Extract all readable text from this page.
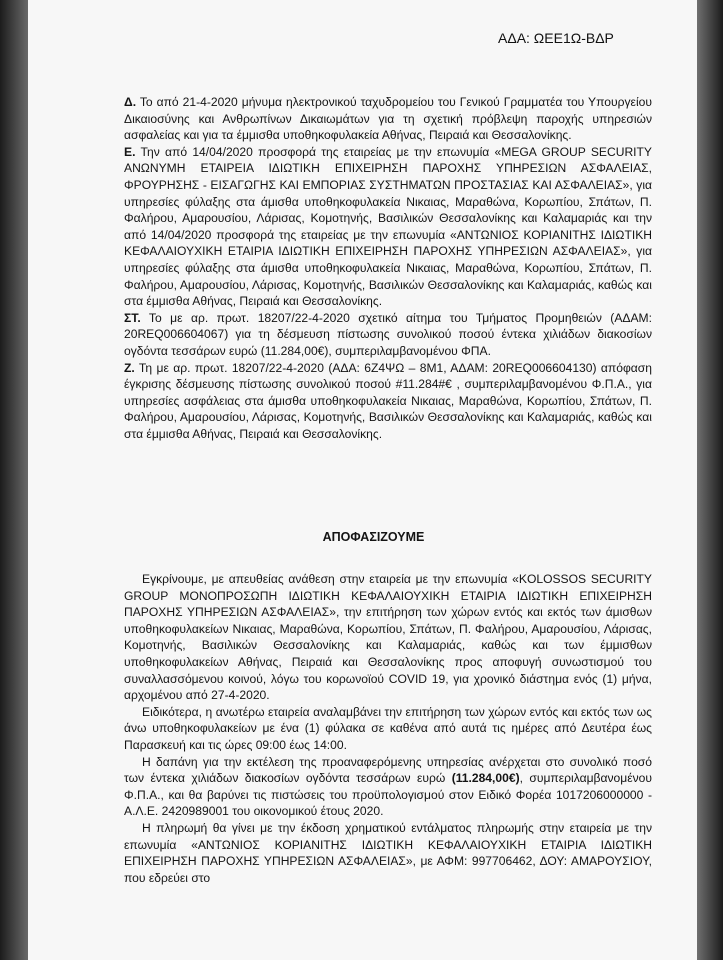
ΑΔΑ: ΩΕΕ1Ω-ΒΔΡ

Δ. Το από 21-4-2020 μήνυμα ηλεκτρονικού ταχυδρομείου του Γενικού Γραμματέα του Υπουργείου Δικαιοσύνης και Ανθρωπίνων Δικαιωμάτων για τη σχετική πρόβλεψη παροχής υπηρεσιών ασφαλείας και για τα έμμισθα υποθηκοφυλακεία Αθήνας, Πειραιά και Θεσσαλονίκης.

Ε. Την από 14/04/2020 προσφορά της εταιρείας με την επωνυμία «MEGA GROUP SECURITY ΑΝΩΝΥΜΗ ΕΤΑΙΡΕΙΑ ΙΔΙΩΤΙΚΗ ΕΠΙΧΕΙΡΗΣΗ ΠΑΡΟΧΗΣ ΥΠΗΡΕΣΙΩΝ ΑΣΦΑΛΕΙΑΣ, ΦΡΟΥΡΗΣΗΣ - ΕΙΣΑΓΩΓΗΣ ΚΑΙ ΕΜΠΟΡΙΑΣ ΣΥΣΤΗΜΑΤΩΝ ΠΡΟΣΤΑΣΙΑΣ ΚΑΙ ΑΣΦΑΛΕΙΑΣ», για υπηρεσίες φύλαξης στα άμισθα υποθηκοφυλακεία Νικαιας, Μαραθώνα, Κορωπίου, Σπάτων, Π. Φαλήρου, Αμαρουσίου, Λάρισας, Κομοτηνής, Βασιλικών Θεσσαλονίκης και Καλαμαριάς και την από 14/04/2020 προσφορά της εταιρείας με την επωνυμία «ΑΝΤΩΝΙΟΣ ΚΟΡΙΑΝΙΤΗΣ ΙΔΙΩΤΙΚΗ ΚΕΦΑΛΑΙΟΥΧΙΚΗ ΕΤΑΙΡΙΑ ΙΔΙΩΤΙΚΗ ΕΠΙΧΕΙΡΗΣΗ ΠΑΡΟΧΗΣ ΥΠΗΡΕΣΙΩΝ ΑΣΦΑΛΕΙΑΣ», για υπηρεσίες φύλαξης στα άμισθα υποθηκοφυλακεία Νικαιας, Μαραθώνα, Κορωπίου, Σπάτων, Π. Φαλήρου, Αμαρουσίου, Λάρισας, Κομοτηνής, Βασιλικών Θεσσαλονίκης και Καλαμαριάς, καθώς και στα έμμισθα Αθήνας, Πειραιά και Θεσσαλονίκης.

ΣΤ. Το με αρ. πρωτ. 18207/22-4-2020 σχετικό αίτημα του Τμήματος Προμηθειών (ΑΔΑΜ: 20REQ006604067) για τη δέσμευση πίστωσης συνολικού ποσού έντεκα χιλιάδων διακοσίων ογδόντα τεσσάρων ευρώ (11.284,00€), συμπεριλαμβανομένου ΦΠΑ.

Ζ. Τη με αρ. πρωτ. 18207/22-4-2020 (ΑΔΑ: 6Ζ4ΨΩ – 8Μ1, ΑΔΑΜ: 20REQ006604130) απόφαση έγκρισης δέσμευσης πίστωσης συνολικού ποσού #11.284#€ , συμπεριλαμβανομένου Φ.Π.Α., για υπηρεσίες ασφάλειας στα άμισθα υποθηκοφυλακεία Νικαιας, Μαραθώνα, Κορωπίου, Σπάτων, Π. Φαλήρου, Αμαρουσίου, Λάρισας, Κομοτηνής, Βασιλικών Θεσσαλονίκης και Καλαμαριάς, καθώς και στα έμμισθα Αθήνας, Πειραιά και Θεσσαλονίκης.

ΑΠΟΦΑΣΙΖΟΥΜΕ

Εγκρίνουμε, με απευθείας ανάθεση στην εταιρεία με την επωνυμία «KOLOSSOS SECURITY GROUP ΜΟΝΟΠΡΟΣΩΠΗ ΙΔΙΩΤΙΚΗ ΚΕΦΑΛΑΙΟΥΧΙΚΗ ΕΤΑΙΡΙΑ ΙΔΙΩΤΙΚΗ ΕΠΙΧΕΙΡΗΣΗ ΠΑΡΟΧΗΣ ΥΠΗΡΕΣΙΩΝ ΑΣΦΑΛΕΙΑΣ», την επιτήρηση των χώρων εντός και εκτός των άμισθων υποθηκοφυλακείων Νικαιας, Μαραθώνα, Κορωπίου, Σπάτων, Π. Φαλήρου, Αμαρουσίου, Λάρισας, Κομοτηνής, Βασιλικών Θεσσαλονίκης και Καλαμαριάς, καθώς και των έμμισθων υποθηκοφυλακείων Αθήνας, Πειραιά και Θεσσαλονίκης προς αποφυγή συνωστισμού του συναλλασσόμενου κοινού, λόγω του κορωνοϊού COVID 19, για χρονικό διάστημα ενός (1) μήνα, αρχομένου από 27-4-2020.

Ειδικότερα, η ανωτέρω εταιρεία αναλαμβάνει την επιτήρηση των χώρων εντός και εκτός των ως άνω υποθηκοφυλακείων με ένα (1) φύλακα σε καθένα από αυτά τις ημέρες από Δευτέρα έως Παρασκευή και τις ώρες 09:00 έως 14:00.

Η δαπάνη για την εκτέλεση της προαναφερόμενης υπηρεσίας ανέρχεται στο συνολικό ποσό των έντεκα χιλιάδων διακοσίων ογδόντα τεσσάρων ευρώ (11.284,00€), συμπεριλαμβανομένου Φ.Π.Α., και θα βαρύνει τις πιστώσεις του προϋπολογισμού στον Ειδικό Φορέα 1017206000000 - Α.Λ.Ε. 2420989001 του οικονομικού έτους 2020.

Η πληρωμή θα γίνει με την έκδοση χρηματικού εντάλματος πληρωμής στην εταιρεία με την επωνυμία «ΑΝΤΩΝΙΟΣ ΚΟΡΙΑΝΙΤΗΣ ΙΔΙΩΤΙΚΗ ΚΕΦΑΛΑΙΟΥΧΙΚΗ ΕΤΑΙΡΙΑ ΙΔΙΩΤΙΚΗ ΕΠΙΧΕΙΡΗΣΗ ΠΑΡΟΧΗΣ ΥΠΗΡΕΣΙΩΝ ΑΣΦΑΛΕΙΑΣ», με ΑΦΜ: 997706462, ΔΟΥ: ΑΜΑΡΟΥΣΙΟΥ, που εδρεύει στο
